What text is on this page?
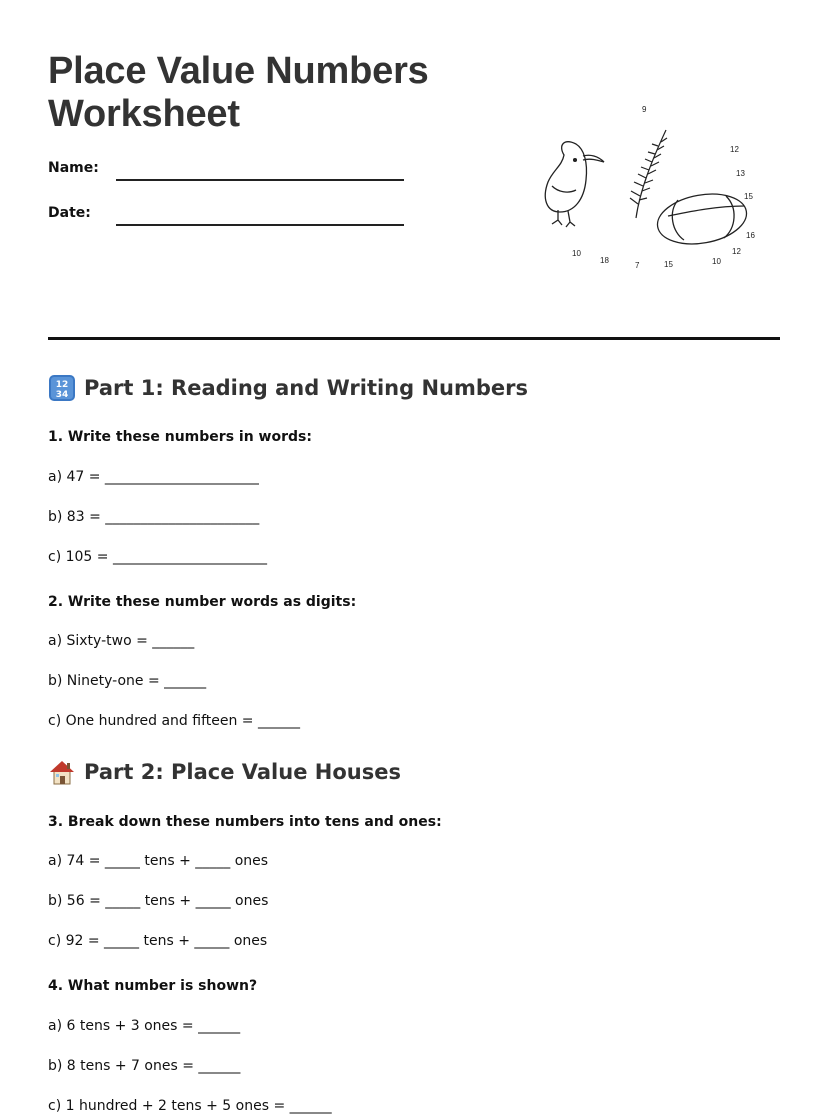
Place Value Numbers Worksheet
Name:
Date:
9
12
13
15
16
12
10
15
7
18
10
12
34 Part 1: Reading and Writing Numbers
1. Write these numbers in words:
a) 47 = ______________________
b) 83 = ______________________
c) 105 = ______________________
2. Write these number words as digits:
a) Sixty-two = ______
b) Ninety-one = ______
c) One hundred and fifteen = ______
Part 2: Place Value Houses
3. Break down these numbers into tens and ones:
a) 74 = _____ tens + _____ ones
b) 56 = _____ tens + _____ ones
c) 92 = _____ tens + _____ ones
4. What number is shown?
a) 6 tens + 3 ones = ______
b) 8 tens + 7 ones = ______
c) 1 hundred + 2 tens + 5 ones = ______
